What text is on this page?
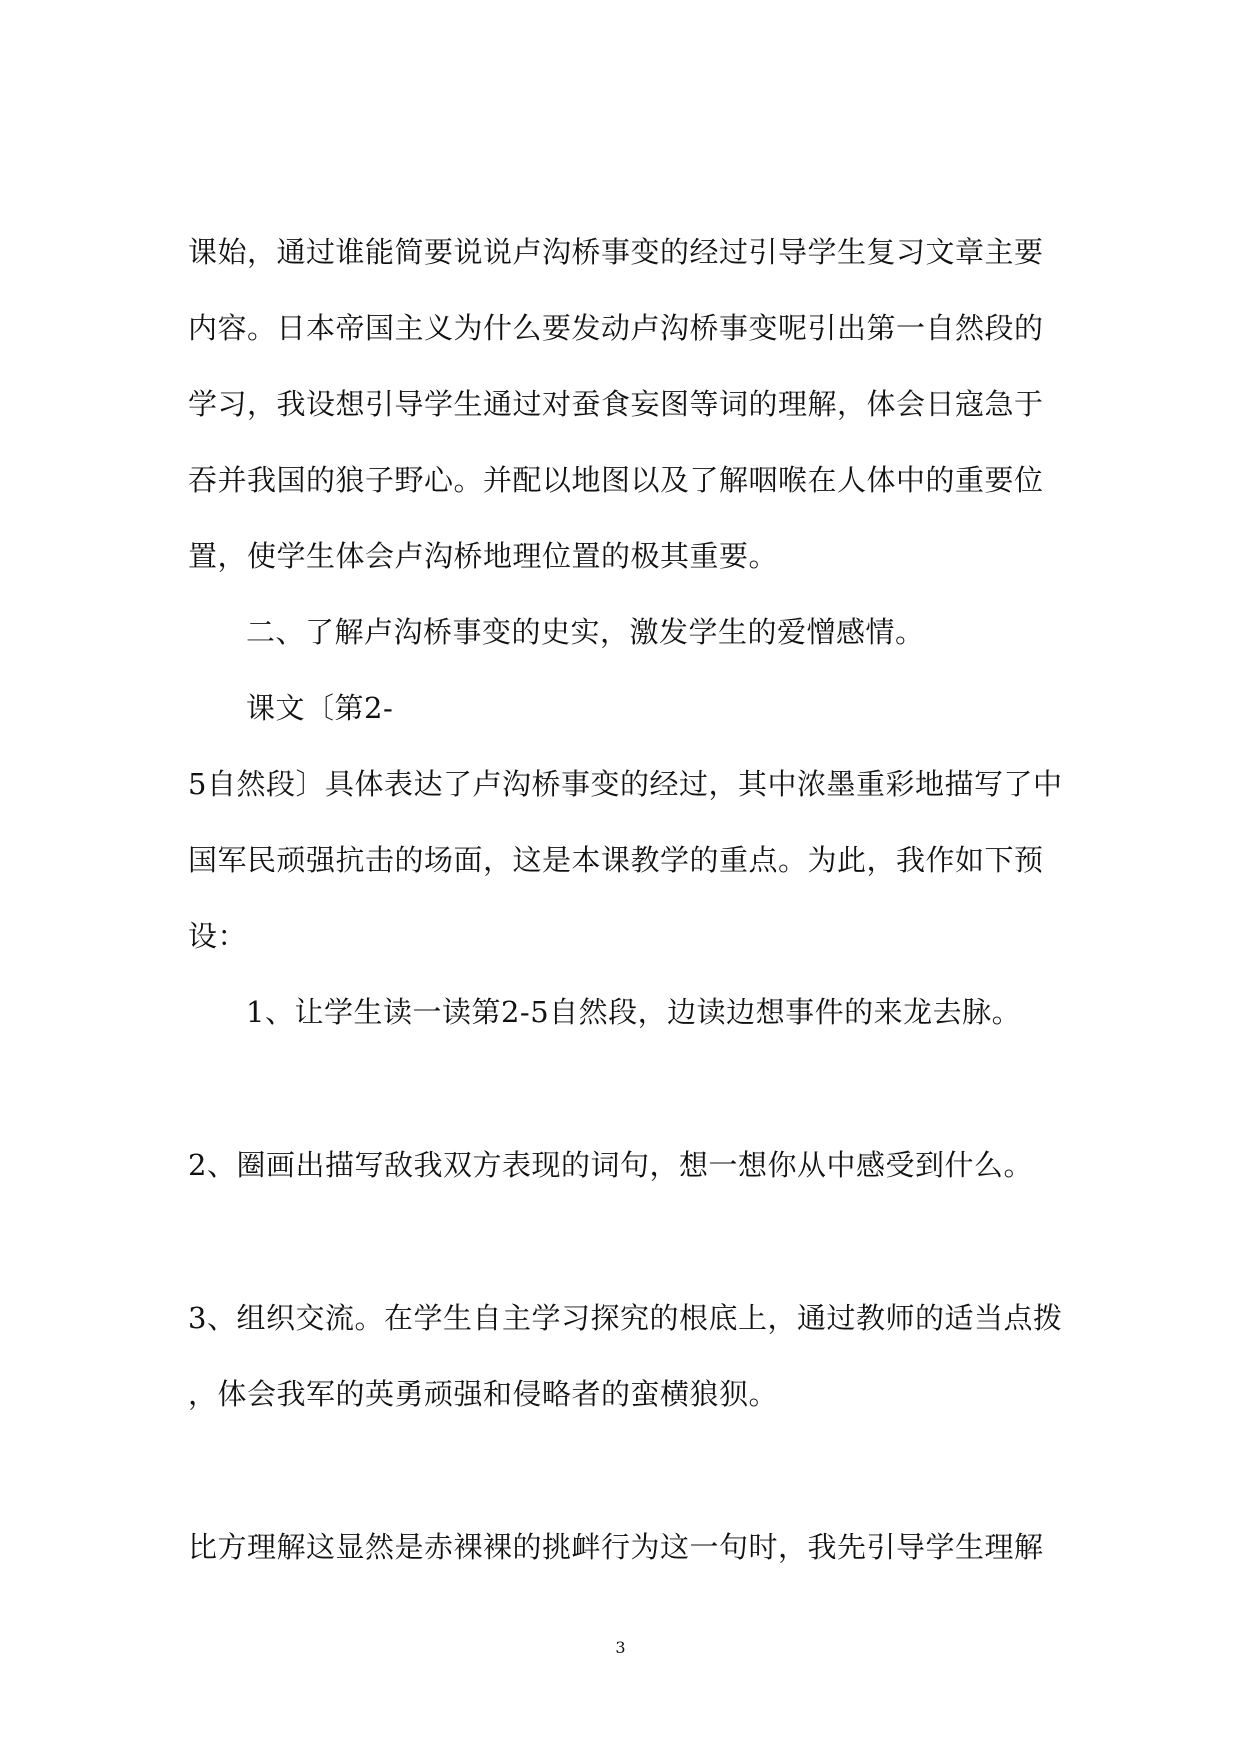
课始，通过谁能简要说说卢沟桥事变的经过引导学生复习文章主要
内容。日本帝国主义为什么要发动卢沟桥事变呢引出第一自然段的
学习，我设想引导学生通过对蚕食妄图等词的理解，体会日寇急于
吞并我国的狼子野心。并配以地图以及了解咽喉在人体中的重要位
置，使学生体会卢沟桥地理位置的极其重要。
二、了解卢沟桥事变的史实，激发学生的爱憎感情。
课文〔第2-
5自然段〕具体表达了卢沟桥事变的经过，其中浓墨重彩地描写了中
国军民顽强抗击的场面，这是本课教学的重点。为此，我作如下预
设：
1、让学生读一读第2-5自然段，边读边想事件的来龙去脉。
2、圈画出描写敌我双方表现的词句，想一想你从中感受到什么。
3、组织交流。在学生自主学习探究的根底上，通过教师的适当点拨
，体会我军的英勇顽强和侵略者的蛮横狼狈。
比方理解这显然是赤裸裸的挑衅行为这一句时，我先引导学生理解
3
